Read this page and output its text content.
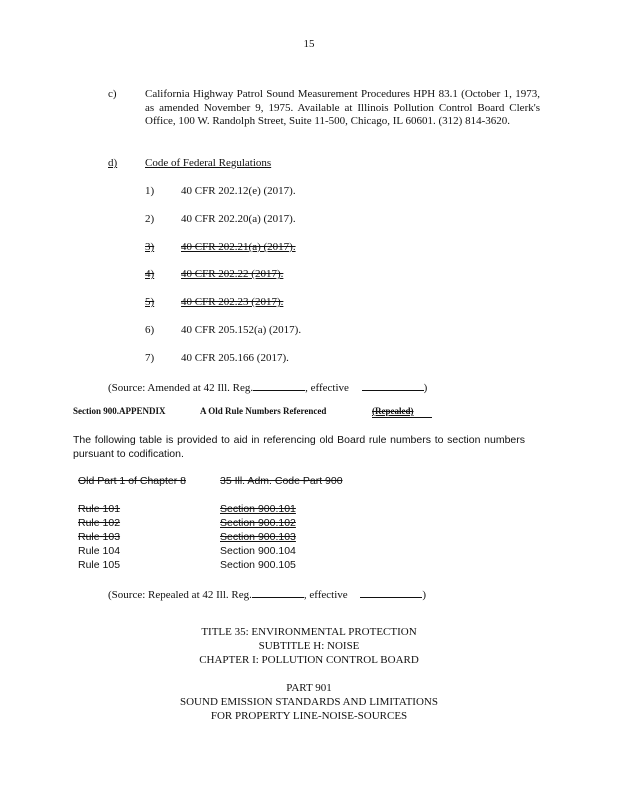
15
c)	California Highway Patrol Sound Measurement Procedures HPH 83.1 (October 1, 1973, as amended November 9, 1975. Available at Illinois Pollution Control Board Clerk's Office, 100 W. Randolph Street, Suite 11-500, Chicago, IL 60601. (312) 814-3620.
d)	Code of Federal Regulations
1) 40 CFR 202.12(e) (2017).
2) 40 CFR 202.20(a) (2017).
3) 40 CFR 202.21(a) (2017).
4) 40 CFR 202.22 (2017).
5) 40 CFR 202.23 (2017).
6) 40 CFR 205.152(a) (2017).
7) 40 CFR 205.166 (2017).
(Source: Amended at 42 Ill. Reg.	, effective	)
Section 900.APPENDIX	A Old Rule Numbers Referenced	(Repealed)
The following table is provided to aid in referencing old Board rule numbers to section numbers pursuant to codification.
Old Part 1 of Chapter 8	35 Ill. Adm. Code Part 900
Rule 101	Section 900.101
Rule 102	Section 900.102
Rule 103	Section 900.103
Rule 104	Section 900.104
Rule 105	Section 900.105
(Source: Repealed at 42 Ill. Reg.	, effective	)
TITLE 35: ENVIRONMENTAL PROTECTION
SUBTITLE H: NOISE
CHAPTER I: POLLUTION CONTROL BOARD
PART 901
SOUND EMISSION STANDARDS AND LIMITATIONS
FOR PROPERTY LINE-NOISE-SOURCES
